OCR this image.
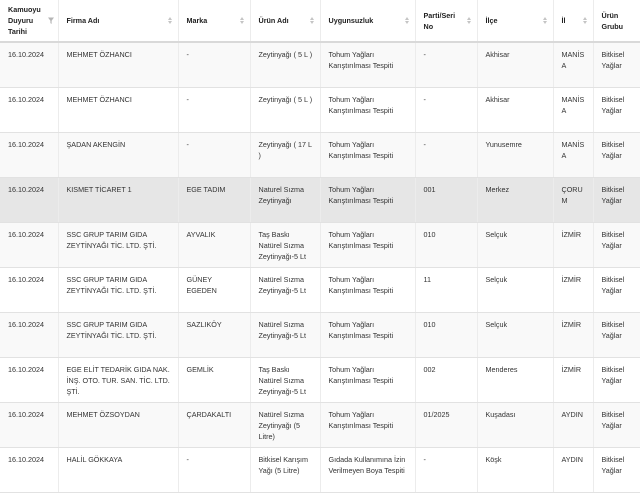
Kamuoyu Duyuru Tarihi	Firma Adı	Marka	Ürün Adı	Uygunsuzluk	Parti/Seri No	İlçe	İl	Ürün Grubu

16.10.2024	MEHMET ÖZHANCI	-	Zeytinyağı ( 5 L )	Tohum Yağları Karıştırılması Tespiti	-	Akhisar	MANİSA	Bitkisel Yağlar
16.10.2024	MEHMET ÖZHANCI	-	Zeytinyağı ( 5 L )	Tohum Yağları Karıştırılması Tespiti	-	Akhisar	MANİSA	Bitkisel Yağlar
16.10.2024	ŞADAN AKENGİN	-	Zeytinyağı ( 17 L )	Tohum Yağları Karıştırılması Tespiti	-	Yunusemre	MANİSA	Bitkisel Yağlar
16.10.2024	KISMET TİCARET 1	EGE TADIM	Naturel Sızma Zeytinyağı	Tohum Yağları Karıştırılması Tespiti	001	Merkez	ÇORUM	Bitkisel Yağlar
16.10.2024	SSC GRUP TARIM GIDA ZEYTİNYAĞI TİC. LTD. ŞTİ.	AYVALIK	Taş Baskı Natürel Sızma Zeytinyağı-5 Lt	Tohum Yağları Karıştırılması Tespiti	010	Selçuk	İZMİR	Bitkisel Yağlar
16.10.2024	SSC GRUP TARIM GIDA ZEYTİNYAĞI TİC. LTD. ŞTİ.	GÜNEY EGEDEN	Natürel Sızma Zeytinyağı-5 Lt	Tohum Yağları Karıştırılması Tespiti	11	Selçuk	İZMİR	Bitkisel Yağlar
16.10.2024	SSC GRUP TARIM GIDA ZEYTİNYAĞI TİC. LTD. ŞTİ.	SAZLIKÖY	Natürel Sızma Zeytinyağı-5 Lt	Tohum Yağları Karıştırılması Tespiti	010	Selçuk	İZMİR	Bitkisel Yağlar
16.10.2024	EGE ELİT TEDARİK GIDA NAK. İNŞ. OTO. TUR. SAN. TİC. LTD. ŞTİ.	GEMLİK	Taş Baskı Natürel Sızma Zeytinyağı-5 Lt	Tohum Yağları Karıştırılması Tespiti	002	Menderes	İZMİR	Bitkisel Yağlar
16.10.2024	MEHMET ÖZSOYDAN	ÇARDAKALTI	Natürel Sızma Zeytinyağı (5 Litre)	Tohum Yağları Karıştırılması Tespiti	01/2025	Kuşadası	AYDIN	Bitkisel Yağlar
16.10.2024	HALİL GÖKKAYA	-	Bitkisel Karışım Yağı (5 Litre)	Gıdada Kullanımına İzin Verilmeyen Boya Tespiti	-	Köşk	AYDIN	Bitkisel Yağlar
